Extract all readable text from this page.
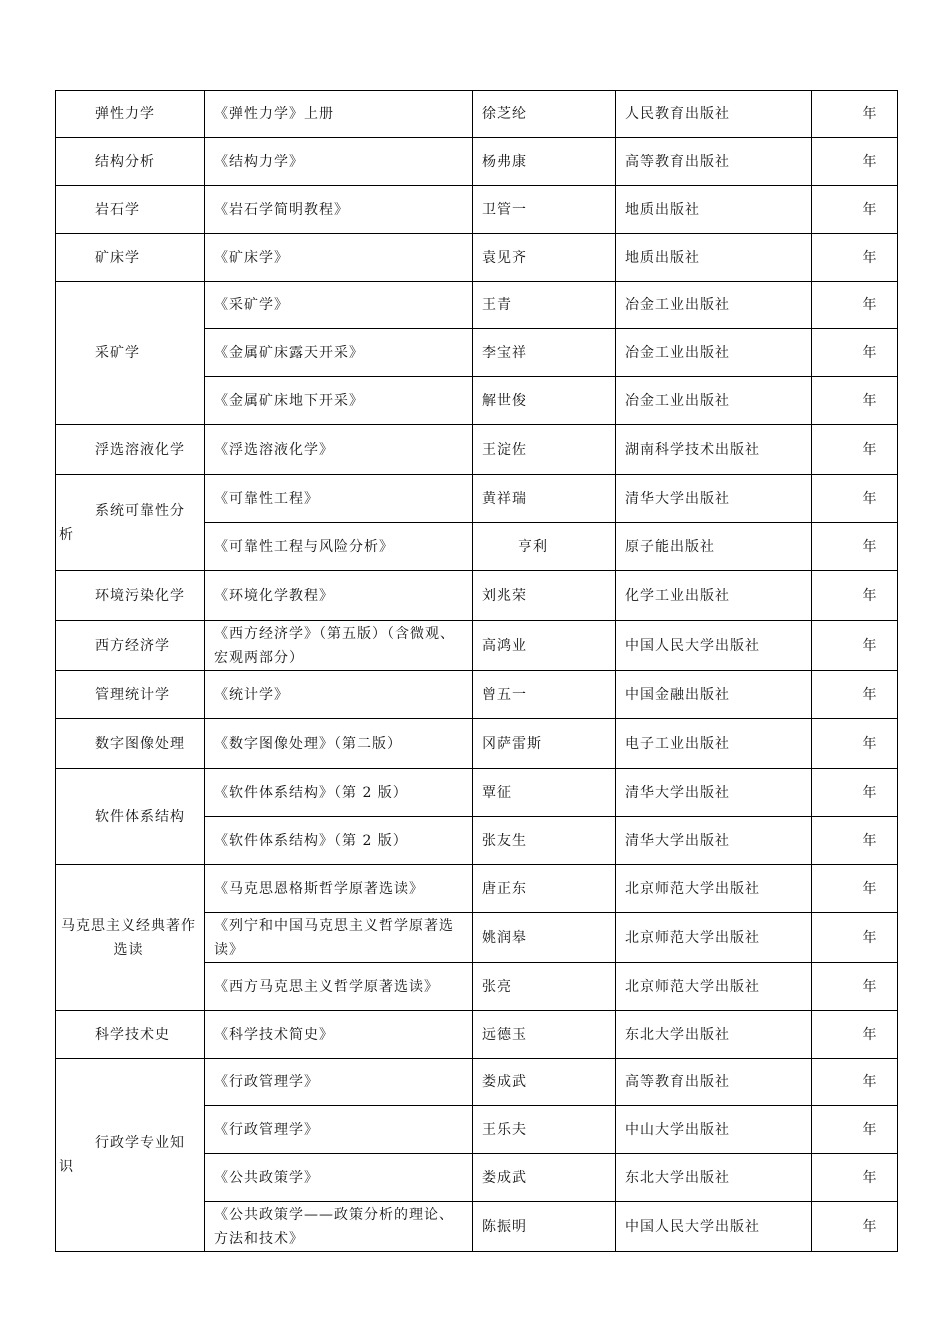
弹性力学	《弹性力学》上册	徐芝纶	人民教育出版社	年
结构分析	《结构力学》	杨弗康	高等教育出版社	年
岩石学	《岩石学简明教程》	卫管一	地质出版社	年
矿床学	《矿床学》	袁见齐	地质出版社	年
采矿学	《采矿学》	王青	冶金工业出版社	年
	《金属矿床露天开采》	李宝祥	冶金工业出版社	年
	《金属矿床地下开采》	解世俊	冶金工业出版社	年
浮选溶液化学	《浮选溶液化学》	王淀佐	湖南科学技术出版社	年
系统可靠性分析	《可靠性工程》	黄祥瑞	清华大学出版社	年
	《可靠性工程与风险分析》	亨利	原子能出版社	年
环境污染化学	《环境化学教程》	刘兆荣	化学工业出版社	年
西方经济学	《西方经济学》（第五版）（含微观、宏观两部分）	高鸿业	中国人民大学出版社	年
管理统计学	《统计学》	曾五一	中国金融出版社	年
数字图像处理	《数字图像处理》（第二版）	冈萨雷斯	电子工业出版社	年
软件体系结构	《软件体系结构》（第 2 版）	覃征	清华大学出版社	年
	《软件体系结构》（第 2 版）	张友生	清华大学出版社	年
马克思主义经典著作选读	《马克思恩格斯哲学原著选读》	唐正东	北京师范大学出版社	年
	《列宁和中国马克思主义哲学原著选读》	姚润皋	北京师范大学出版社	年
	《西方马克思主义哲学原著选读》	张亮	北京师范大学出版社	年
科学技术史	《科学技术简史》	远德玉	东北大学出版社	年
行政学专业知识	《行政管理学》	娄成武	高等教育出版社	年
	《行政管理学》	王乐夫	中山大学出版社	年
	《公共政策学》	娄成武	东北大学出版社	年
	《公共政策学——政策分析的理论、方法和技术》	陈振明	中国人民大学出版社	年
